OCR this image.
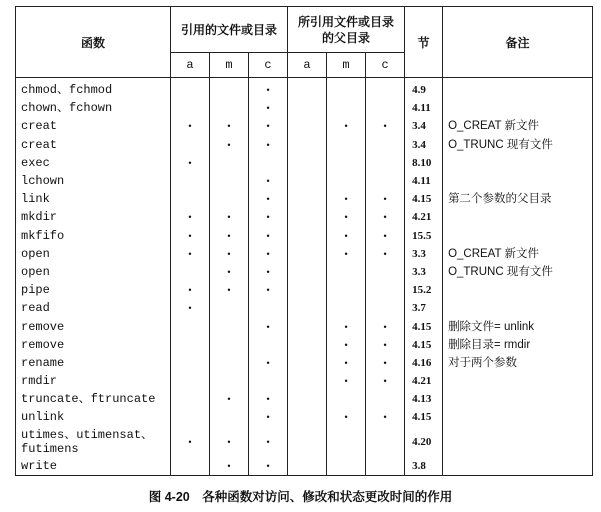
函数	引用的文件或目录			所引用文件或目录的父目录			节	备注
	a	m	c	a	m	c		
chmod、fchmod			•				4.9	
chown、fchown			•				4.11	
creat	•	•	•		•	•	3.4	O_CREAT 新文件
creat		•	•				3.4	O_TRUNC 现有文件
exec	•						8.10	
lchown			•				4.11	
link			•		•	•	4.15	第二个参数的父目录
mkdir	•	•	•		•	•	4.21	
mkfifo	•	•	•		•	•	15.5	
open	•	•	•		•	•	3.3	O_CREAT 新文件
open		•	•				3.3	O_TRUNC 现有文件
pipe	•	•	•				15.2	
read	•						3.7	
remove			•		•	•	4.15	删除文件= unlink
remove					•	•	4.15	删除目录= rmdir
rename			•		•	•	4.16	对于两个参数
rmdir					•	•	4.21	
truncate、ftruncate		•	•				4.13	
unlink			•		•	•	4.15	
utimes、utimensat、futimens	•	•	•				4.20	
write		•	•				3.8	
图 4-20　各种函数对访问、修改和状态更改时间的作用
